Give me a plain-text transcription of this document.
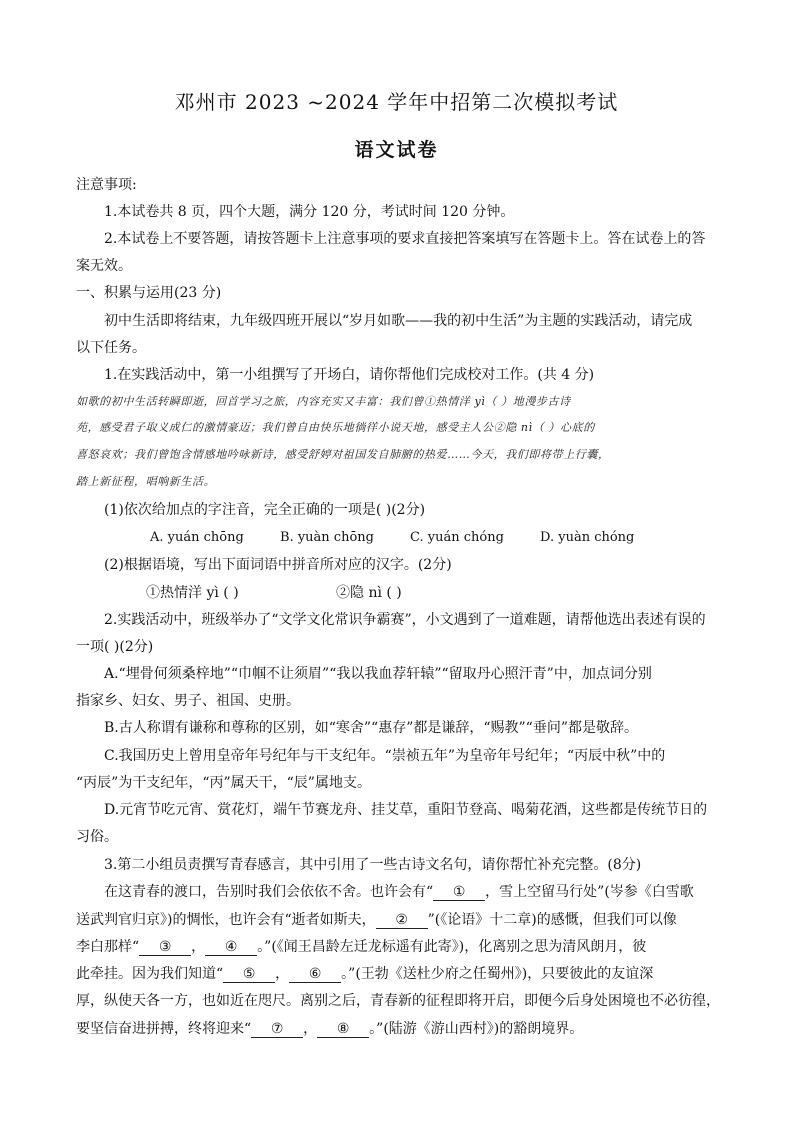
邓州市 2023 ~2024 学年中招第二次模拟考试
语文试卷
注意事项:
1.本试卷共 8 页，四个大题，满分 120 分，考试时间 120 分钟。
2.本试卷上不要答题，请按答题卡上注意事项的要求直接把答案填写在答题卡上。答在试卷上的答
案无效。
一、积累与运用(23 分)
初中生活即将结束，九年级四班开展以“岁月如歌——我的初中生活”为主题的实践活动，请完成
以下任务。
1.在实践活动中，第一小组撰写了开场白，请你帮他们完成校对工作。(共 4 分)
如歌的初中生活转瞬即逝，回首学习之旅，内容充实又丰富：我们曾①热情洋 yì（ ）地漫步古诗
苑，感受君子取义成仁的激情豪迈；我们曾自由快乐地徜徉小说天地，感受主人公②隐 nì（ ）心底的
喜怒哀欢；我们曾饱含情感地吟咏新诗，感受舒婷对祖国发自肺腑的热爱……今天，我们即将带上行囊，
踏上新征程，唱响新生活。
(1)依次给加点的字注音，完全正确的一项是( )(2分)
A. yuán chōng	B. yuàn chōng	C. yuán chóng	D. yuàn chóng
(2)根据语境，写出下面词语中拼音所对应的汉字。(2分)
①热情洋 yì ( )	②隐 nì ( )
2.实践活动中，班级举办了“文学文化常识争霸赛”，小文遇到了一道难题，请帮他选出表述有误的
一项( )(2分)
A.“埋骨何须桑梓地”“巾帼不让须眉”“我以我血荐轩辕”“留取丹心照汗青”中，加点词分别
指家乡、妇女、男子、祖国、史册。
B.古人称谓有谦称和尊称的区别，如“寒舍”“惠存”都是谦辞，“赐教”“垂问”都是敬辞。
C.我国历史上曾用皇帝年号纪年与干支纪年。“崇祯五年”为皇帝年号纪年；“丙辰中秋”中的
“丙辰”为干支纪年，“丙”属天干，“辰”属地支。
D.元宵节吃元宵、赏花灯，端午节赛龙舟、挂艾草，重阳节登高、喝菊花酒，这些都是传统节日的
习俗。
3.第二小组员责撰写青春感言，其中引用了一些古诗文名句，请你帮忙补充完整。(8分)
在这青春的渡口，告别时我们会依依不舍。也许会有“ ① ，雪上空留马行处”(岑参《白雪歌
送武判官归京》)的惆怅，也许会有“逝者如斯夫， ② ”(《论语》十二章)的感慨，但我们可以像
李白那样“ ③ ， ④ 。”(《闻王昌龄左迁龙标遥有此寄》)，化离别之思为清风朗月，彼
此牵挂。因为我们知道“ ⑤ ， ⑥ 。”(王勃《送杜少府之任蜀州》)，只要彼此的友谊深
厚，纵使天各一方，也如近在咫尺。离别之后，青春新的征程即将开启，即便今后身处困境也不必彷徨，
要坚信奋进拼搏，终将迎来“ ⑦ ， ⑧ 。”(陆游《游山西村》)的豁朗境界。
